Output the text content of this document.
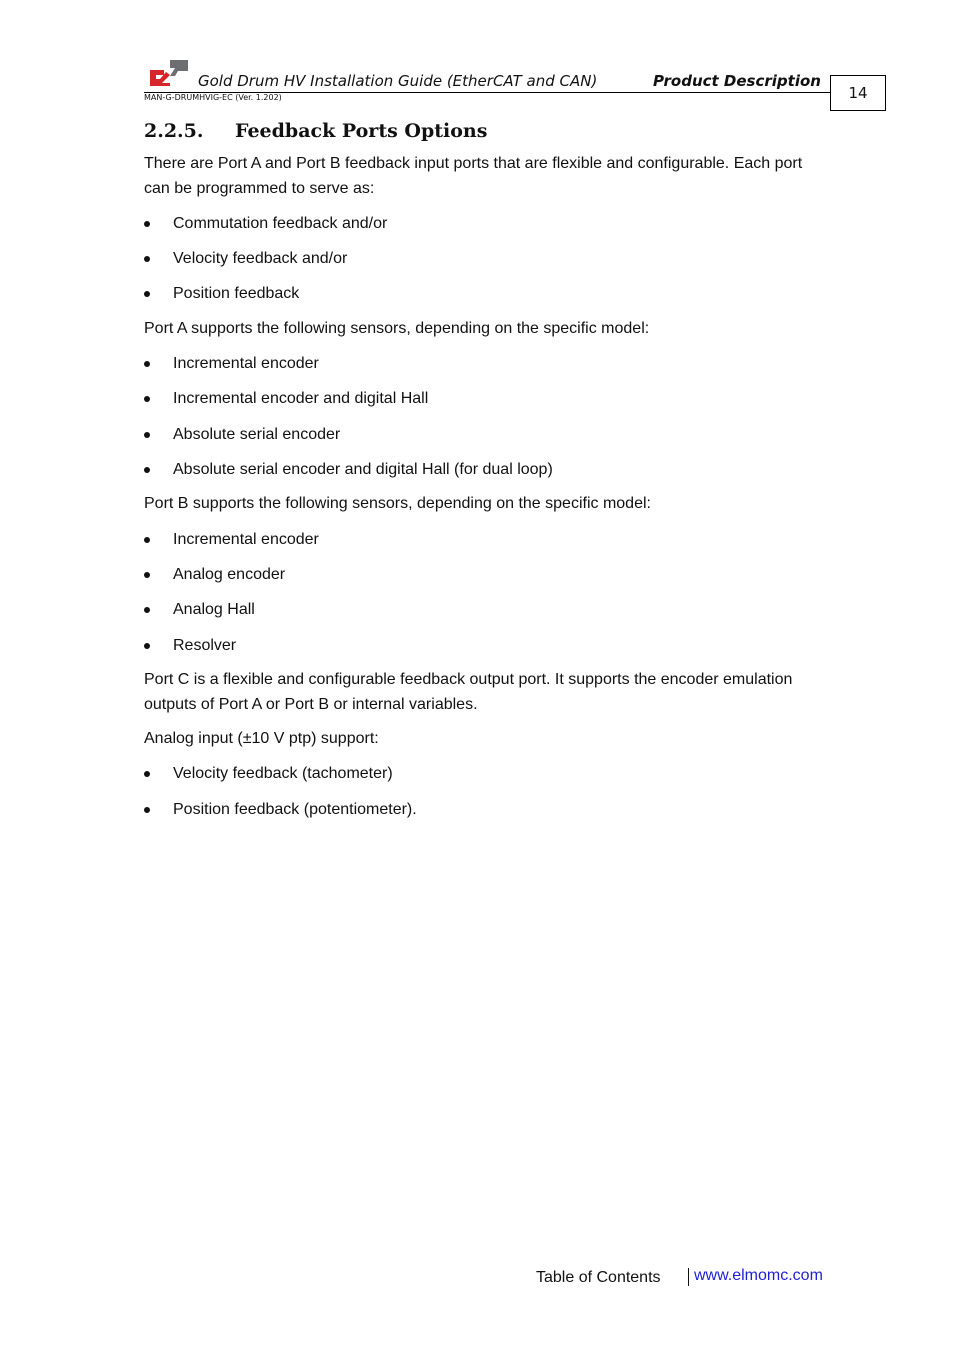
Gold Drum HV Installation Guide (EtherCAT and CAN)	Product Description
MAN-G-DRUMHVIG-EC (Ver. 1.202)	14
2.2.5. Feedback Ports Options
There are Port A and Port B feedback input ports that are flexible and configurable. Each port can be programmed to serve as:
Commutation feedback and/or
Velocity feedback and/or
Position feedback
Port A supports the following sensors, depending on the specific model:
Incremental encoder
Incremental encoder and digital Hall
Absolute serial encoder
Absolute serial encoder and digital Hall (for dual loop)
Port B supports the following sensors, depending on the specific model:
Incremental encoder
Analog encoder
Analog Hall
Resolver
Port C is a flexible and configurable feedback output port. It supports the encoder emulation outputs of Port A or Port B or internal variables.
Analog input (±10 V ptp) support:
Velocity feedback (tachometer)
Position feedback (potentiometer).
Table of Contents www.elmomc.com
